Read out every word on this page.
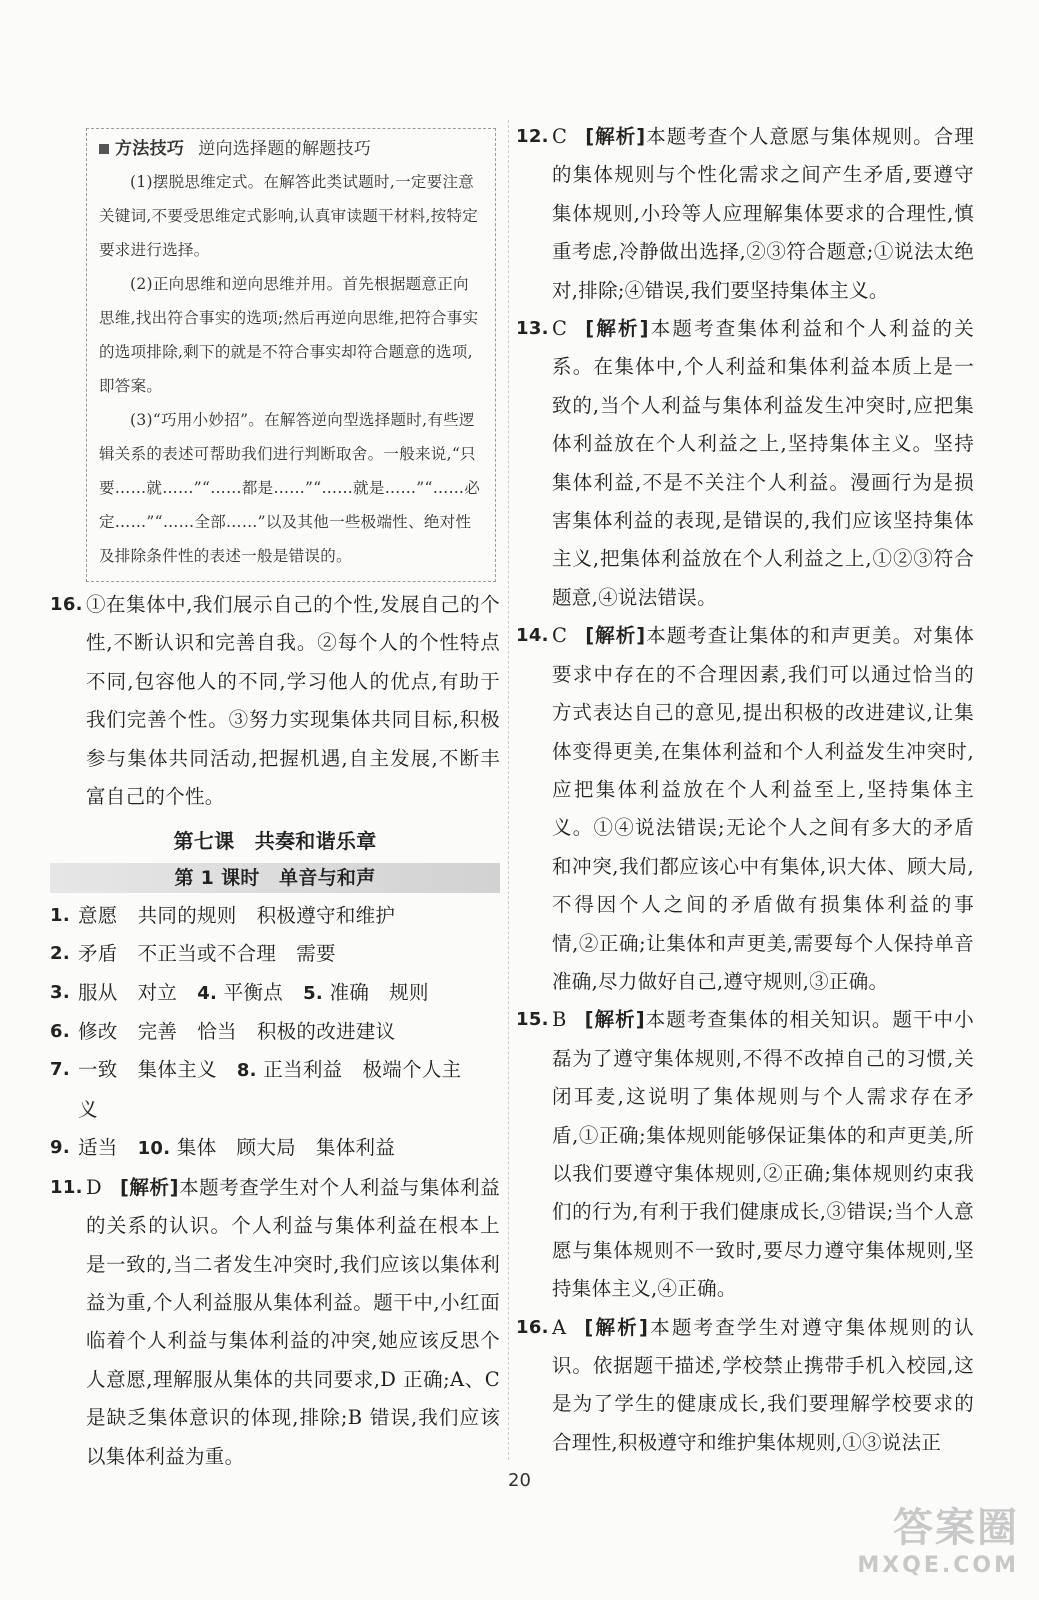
方法技巧 逆向选择题的解题技巧
(1)摆脱思维定式。在解答此类试题时,一定要注意关键词,不要受思维定式影响,认真审读题干材料,按特定要求进行选择。
(2)正向思维和逆向思维并用。首先根据题意正向思维,找出符合事实的选项;然后再逆向思维,把符合事实的选项排除,剩下的就是不符合事实却符合题意的选项,即答案。
(3)“巧用小妙招”。在解答逆向型选择题时,有些逻辑关系的表述可帮助我们进行判断取舍。一般来说,“只要……就……”“……都是……”“……就是……”“……必定……”“……全部……”以及其他一些极端性、绝对性及排除条件性的表述一般是错误的。
16. ①在集体中,我们展示自己的个性,发展自己的个性,不断认识和完善自我。②每个人的个性特点不同,包容他人的不同,学习他人的优点,有助于我们完善个性。③努力实现集体共同目标,积极参与集体共同活动,把握机遇,自主发展,不断丰富自己的个性。
第七课　共奏和谐乐章
第 1 课时　单音与和声
1. 意愿 共同的规则 积极遵守和维护
2. 矛盾 不正当或不合理 需要
3. 服从 对立 4. 平衡点 5. 准确 规则
6. 修改 完善 恰当 积极的改进建议
7. 一致 集体主义 8. 正当利益 极端个人主义
9. 适当 10. 集体 顾大局 集体利益
11. D [解析]本题考查学生对个人利益与集体利益的关系的认识。个人利益与集体利益在根本上是一致的,当二者发生冲突时,我们应该以集体利益为重,个人利益服从集体利益。题干中,小红面临着个人利益与集体利益的冲突,她应该反思个人意愿,理解服从集体的共同要求,D 正确;A、C 是缺乏集体意识的体现,排除;B 错误,我们应该以集体利益为重。
12. C [解析]本题考查个人意愿与集体规则。合理的集体规则与个性化需求之间产生矛盾,要遵守集体规则,小玲等人应理解集体要求的合理性,慎重考虑,冷静做出选择,②③符合题意;①说法太绝对,排除;④错误,我们要坚持集体主义。
13. C [解析]本题考查集体利益和个人利益的关系。在集体中,个人利益和集体利益本质上是一致的,当个人利益与集体利益发生冲突时,应把集体利益放在个人利益之上,坚持集体主义。坚持集体利益,不是不关注个人利益。漫画行为是损害集体利益的表现,是错误的,我们应该坚持集体主义,把集体利益放在个人利益之上,①②③符合题意,④说法错误。
14. C [解析]本题考查让集体的和声更美。对集体要求中存在的不合理因素,我们可以通过恰当的方式表达自己的意见,提出积极的改进建议,让集体变得更美,在集体利益和个人利益发生冲突时,应把集体利益放在个人利益至上,坚持集体主义。①④说法错误;无论个人之间有多大的矛盾和冲突,我们都应该心中有集体,识大体、顾大局,不得因个人之间的矛盾做有损集体利益的事情,②正确;让集体和声更美,需要每个人保持单音准确,尽力做好自己,遵守规则,③正确。
15. B [解析]本题考查集体的相关知识。题干中小磊为了遵守集体规则,不得不改掉自己的习惯,关闭耳麦,这说明了集体规则与个人需求存在矛盾,①正确;集体规则能够保证集体的和声更美,所以我们要遵守集体规则,②正确;集体规则约束我们的行为,有利于我们健康成长,③错误;当个人意愿与集体规则不一致时,要尽力遵守集体规则,坚持集体主义,④正确。
16. A [解析]本题考查学生对遵守集体规则的认识。依据题干描述,学校禁止携带手机入校园,这是为了学生的健康成长,我们要理解学校要求的合理性,积极遵守和维护集体规则,①③说法正
20
答案圈
MXQE.COM
